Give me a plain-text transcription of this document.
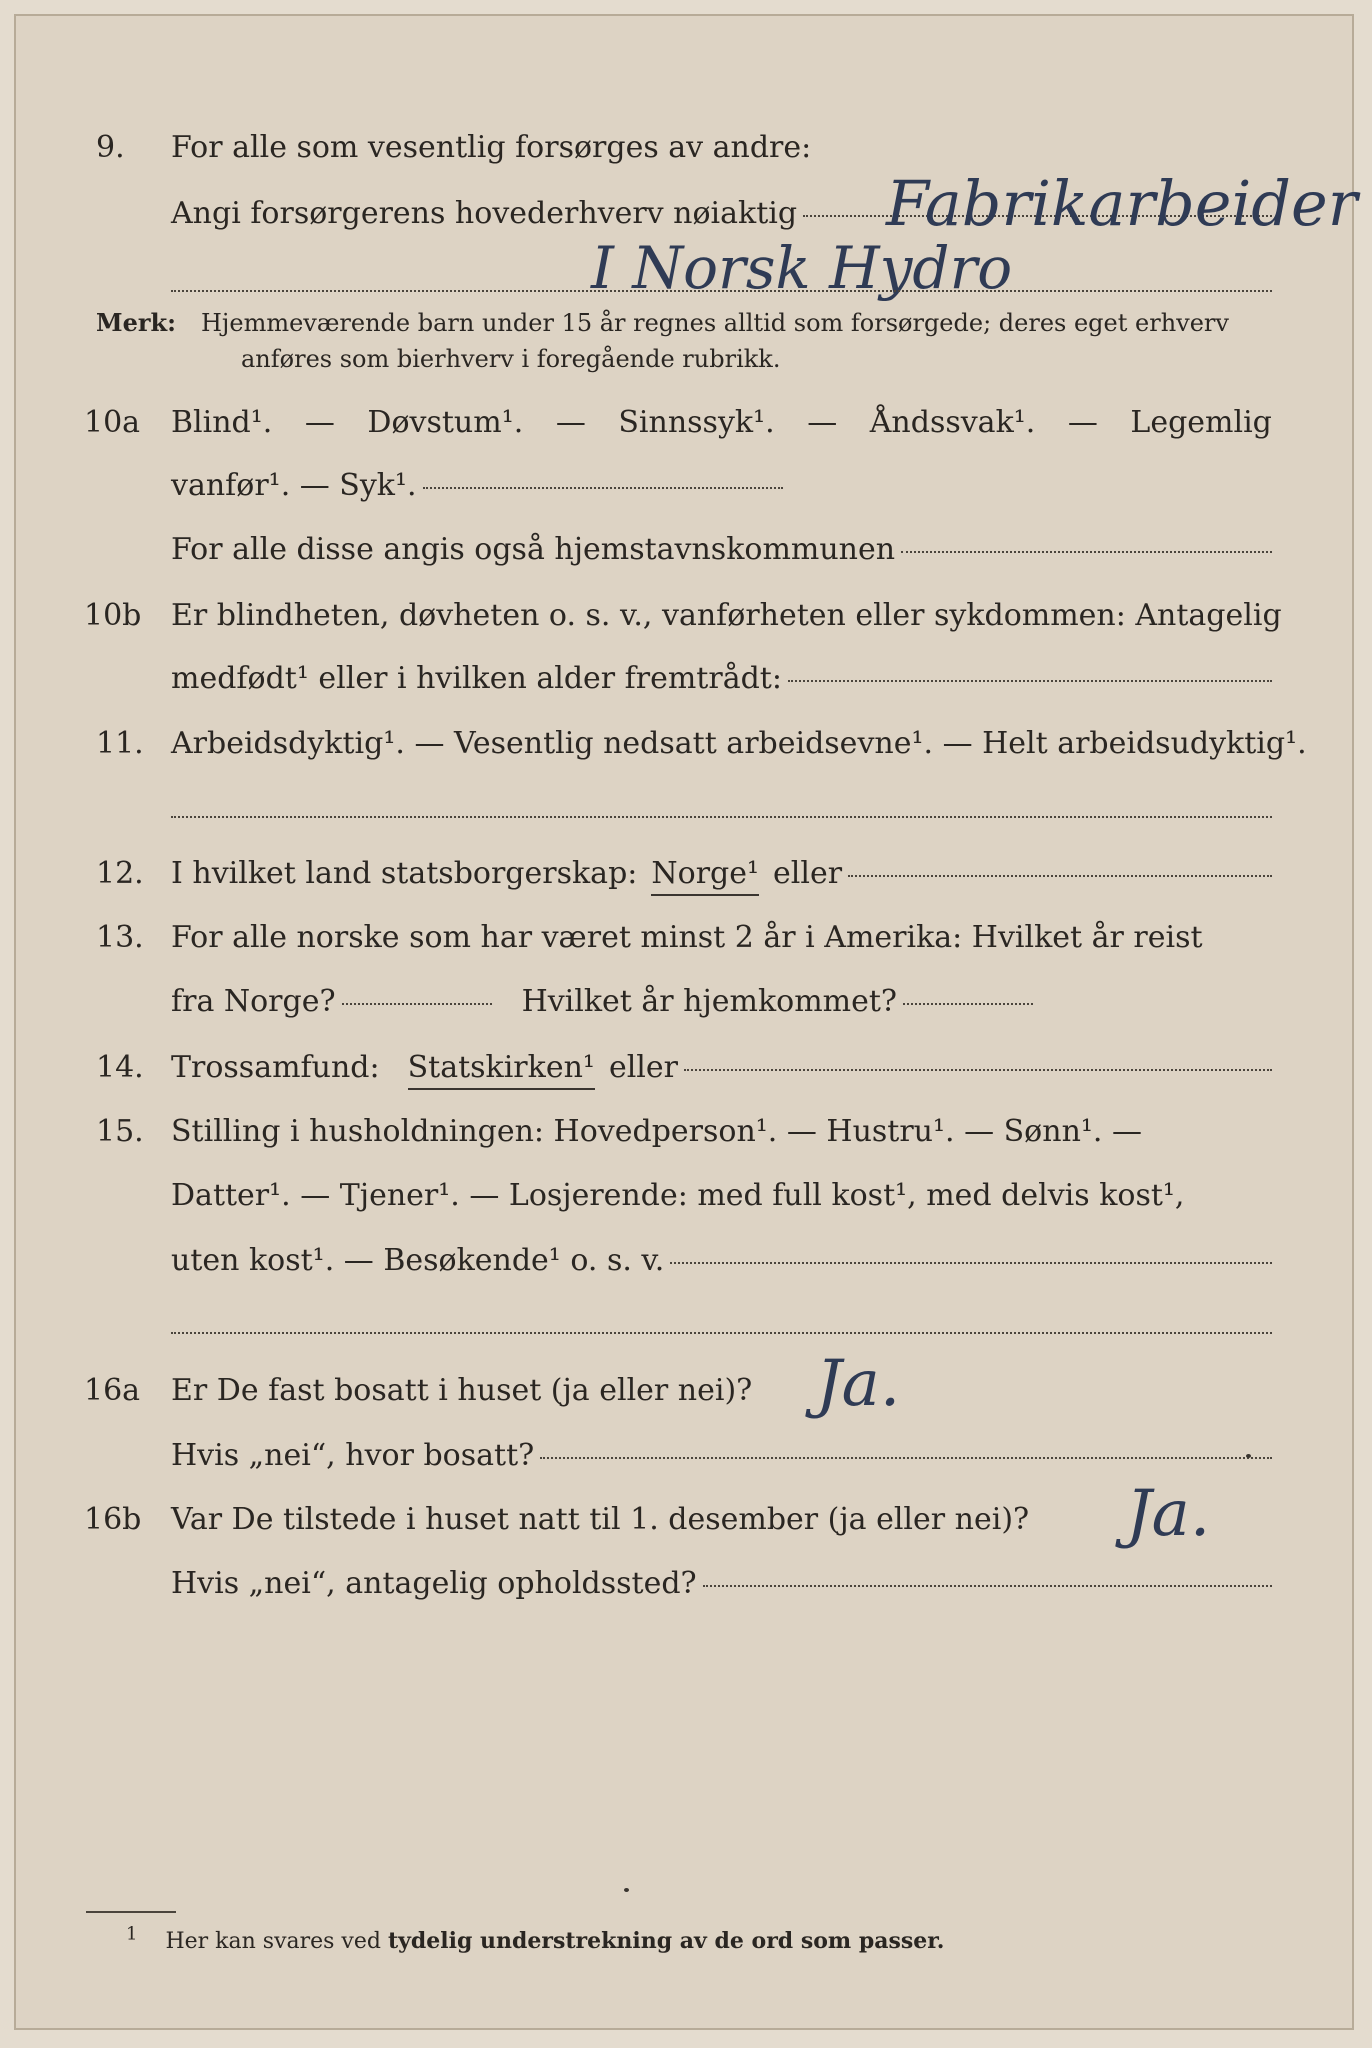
9. For alle som vesentlig forsørges av andre:
Angi forsørgerens hovederhverv nøiaktig Fabrikarbeider
I Norsk Hydro
Merk: Hjemmeværende barn under 15 år regnes alltid som forsørgede; deres eget erhverv
anføres som bierhverv i foregående rubrikk.
10a Blind¹. — Døvstum¹. — Sinnssyk¹. — Åndssvak¹. — Legemlig
vanfør¹. — Syk¹.
For alle disse angis også hjemstavnskommunen
10b Er blindheten, døvheten o. s. v., vanførheten eller sykdommen: Antagelig
medfødt¹ eller i hvilken alder fremtrådt:
11. Arbeidsdyktig¹. — Vesentlig nedsatt arbeidsevne¹. — Helt arbeidsudyktig¹.
12. I hvilket land statsborgerskap: Norge¹ eller
13. For alle norske som har været minst 2 år i Amerika: Hvilket år reist
fra Norge?	Hvilket år hjemkommet?
14. Trossamfund: Statskirken¹ eller
15. Stilling i husholdningen: Hovedperson¹. — Hustru¹. — Sønn¹. —
Datter¹. — Tjener¹. — Losjerende: med full kost¹, med delvis kost¹,
uten kost¹. — Besøkende¹ o. s. v.
16a Er De fast bosatt i huset (ja eller nei)? Ja.
Hvis „nei“, hvor bosatt?
16b Var De tilstede i huset natt til 1. desember (ja eller nei)? Ja.
Hvis „nei“, antagelig opholdssted?
$^1$ Her kan svares ved tydelig understrekning av de ord som passer.
